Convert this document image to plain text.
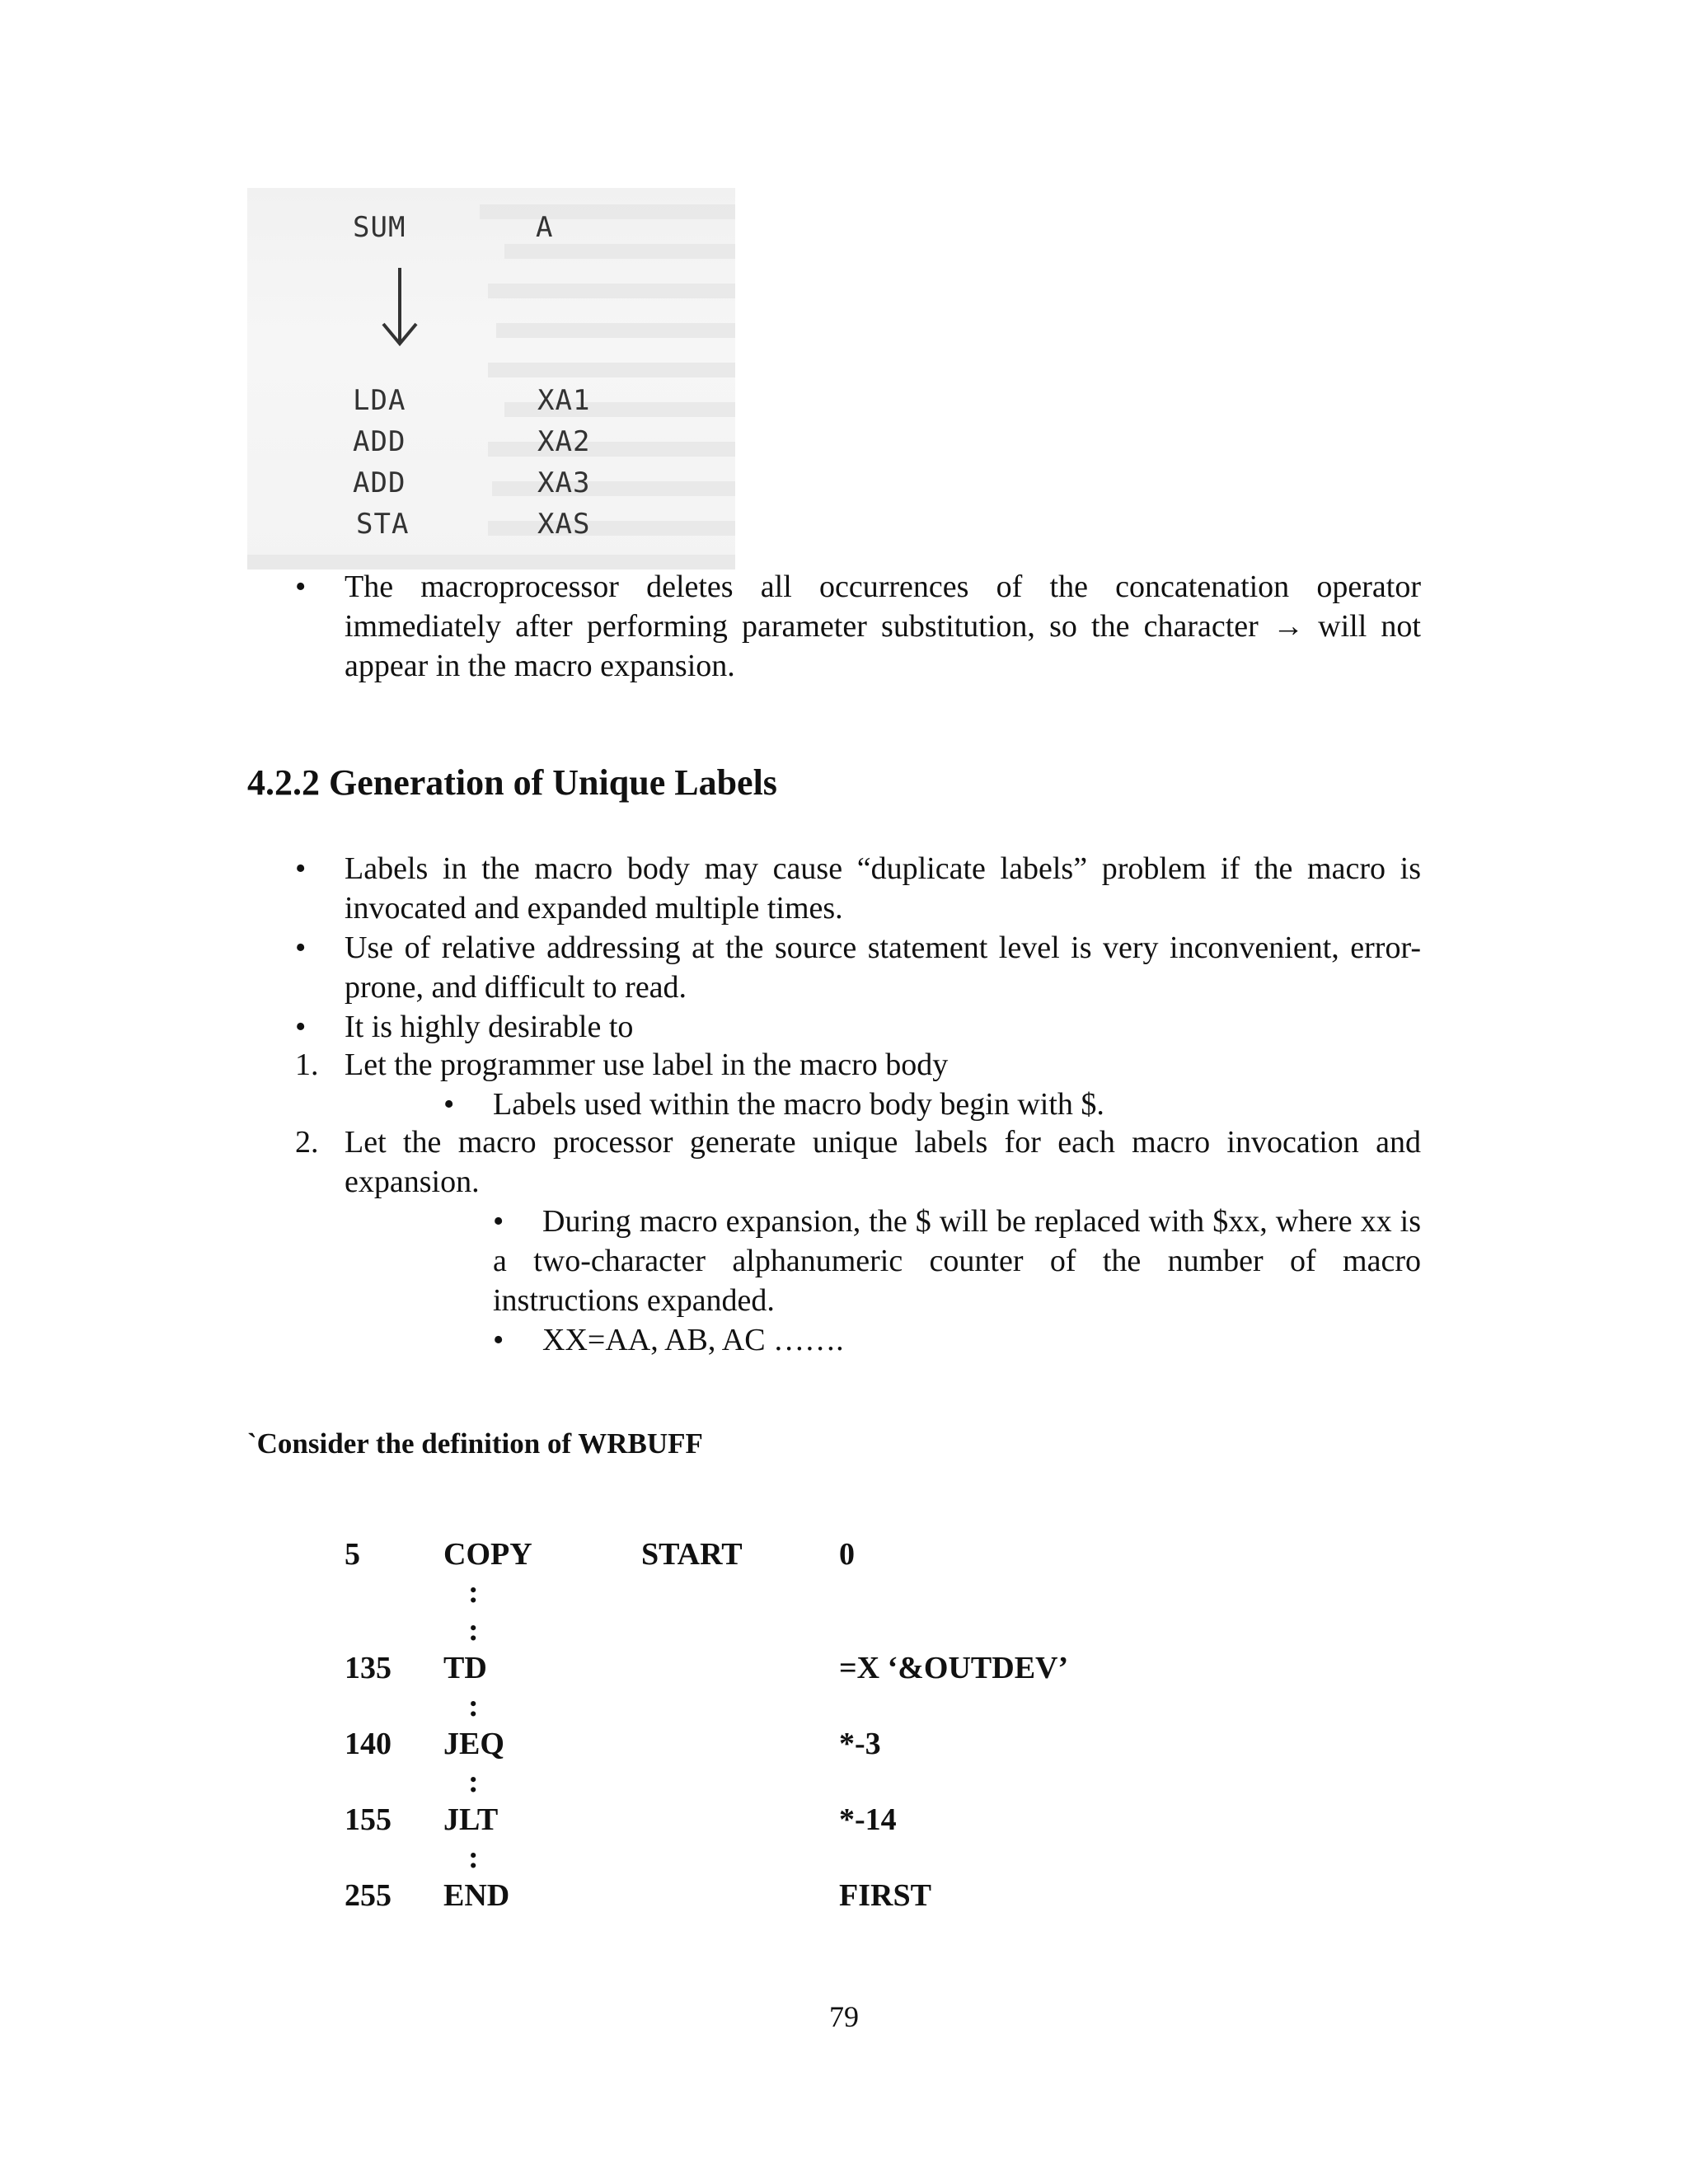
SUM	A
LDA	XA1
ADD	XA2
ADD	XA3
STA	XAS
• The macroprocessor deletes all occurrences of the concatenation operator immediately after performing parameter substitution, so the character → will not appear in the macro expansion.
4.2.2 Generation of Unique Labels
• Labels in the macro body may cause “duplicate labels” problem if the macro is invocated and expanded multiple times.
• Use of relative addressing at the source statement level is very inconvenient, error-prone, and difficult to read.
• It is highly desirable to
1. Let the programmer use label in the macro body
• Labels used within the macro body begin with $.
2. Let the macro processor generate unique labels for each macro invocation and expansion.
•	During macro expansion, the $ will be replaced with $xx, where xx is a two-character alphanumeric counter of the number of macro instructions expanded.
• XX=AA, AB, AC …….
`Consider the definition of WRBUFF
5	COPY	START	0
:
:
135 TD	=X ‘&OUTDEV’
:
140 JEQ	*-3
:
155 JLT	*-14
:
255 END	FIRST
79
